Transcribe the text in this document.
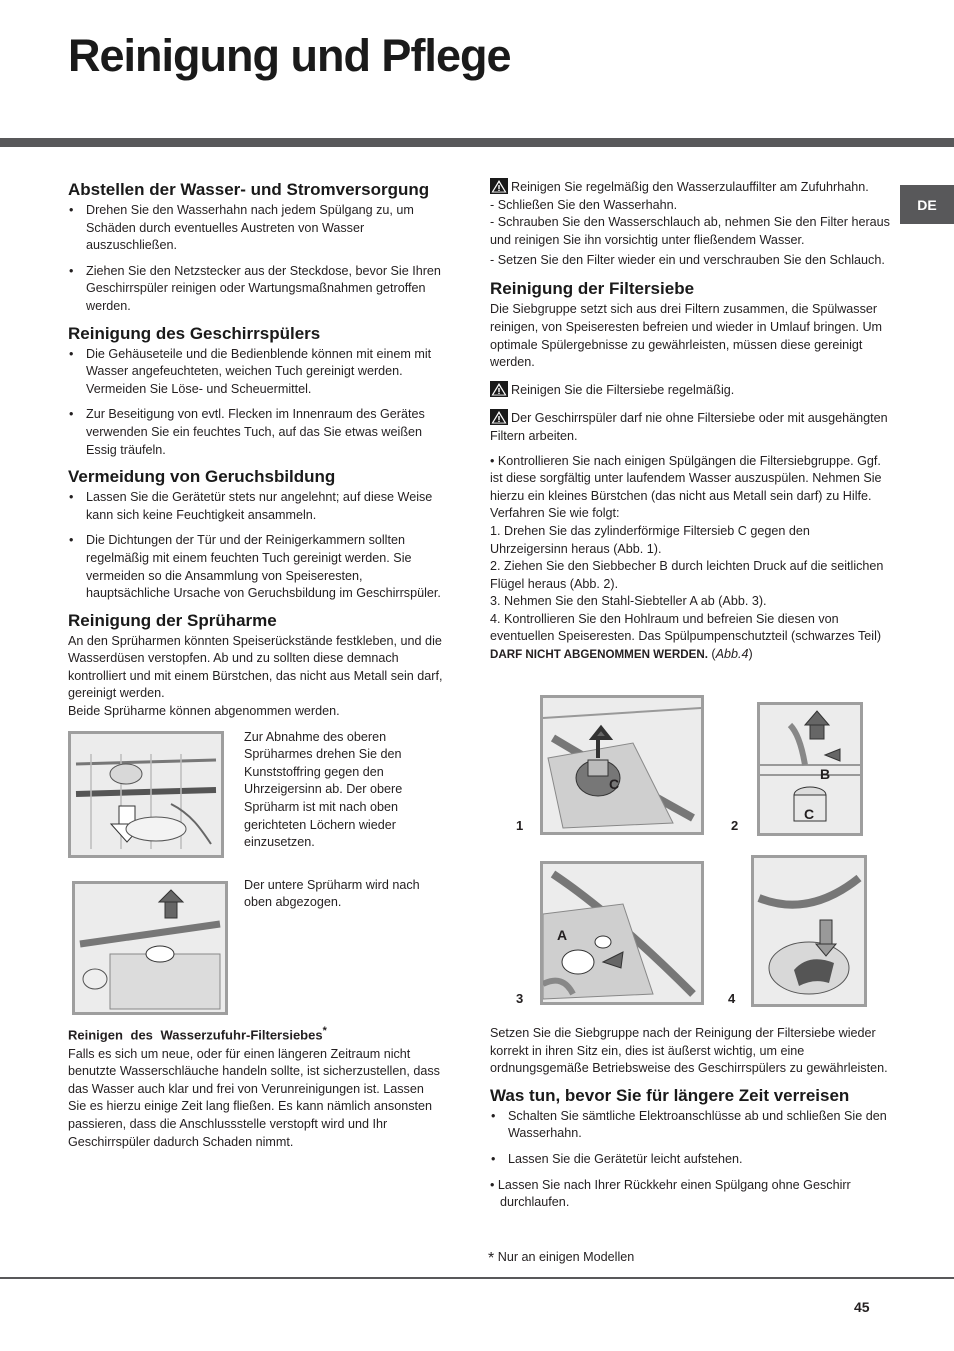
Reinigung und Pflege
DE
Abstellen der Wasser- und Stromversorgung
• Drehen Sie den Wasserhahn nach jedem Spülgang zu, um Schäden durch eventuelles Austreten von Wasser auszuschließen.
• Ziehen Sie den Netzstecker aus der Steckdose, bevor Sie Ihren Geschirrspüler reinigen oder Wartungsmaßnahmen getroffen werden.
Reinigung des Geschirrspülers
• Die Gehäuseteile und die Bedienblende können mit einem mit Wasser angefeuchteten, weichen Tuch gereinigt werden. Vermeiden Sie Löse- und Scheuermittel.
• Zur Beseitigung von evtl. Flecken im Innenraum des Gerätes verwenden Sie ein feuchtes Tuch, auf das Sie etwas weißen Essig träufeln.
Vermeidung von Geruchsbildung
• Lassen Sie die Gerätetür stets nur angelehnt; auf diese Weise kann sich keine Feuchtigkeit ansammeln.
• Die Dichtungen der Tür und der Reinigerkammern sollten regelmäßig mit einem feuchten Tuch gereinigt werden. Sie vermeiden so die Ansammlung von Speiseresten, hauptsächliche Ursache von Geruchsbildung im Geschirrspüler.
Reinigung der Sprüharme

An den Sprüharmen könnten Speiserückstände festkleben, und die Wasserdüsen verstopfen. Ab und zu sollten diese demnach kontrolliert und mit einem Bürstchen, das nicht aus Metall sein darf, gereinigt werden.

Beide Sprüharme können abgenommen werden.

Zur Abnahme des oberen Sprüharmes drehen Sie den Kunststoffring gegen den Uhrzeigersinn ab. Der obere Sprüharm ist mit nach oben gerichteten Löchern wieder einzusetzen.

Der untere Sprüharm wird nach oben abgezogen.

Reinigen des Wasserzufuhr-Filtersiebes*

Falls es sich um neue, oder für einen längeren Zeitraum nicht benutzte Wasserschläuche handeln sollte, ist sicherzustellen, dass das Wasser auch klar und frei von Verunreinigungen ist. Lassen Sie es hierzu einige Zeit lang fließen. Es kann nämlich ansonsten passieren, dass die Anschlussstelle verstopft wird und Ihr Geschirrspüler dadurch Schaden nimmt.

Reinigen Sie regelmäßig den Wasserzulauffilter am Zufuhrhahn.

- Schließen Sie den Wasserhahn.

- Schrauben Sie den Wasserschlauch ab, nehmen Sie den Filter heraus und reinigen Sie ihn vorsichtig unter fließendem Wasser.

- Setzen Sie den Filter wieder ein und verschrauben Sie den Schlauch.

Reinigung der Filtersiebe

Die Siebgruppe setzt sich aus drei Filtern zusammen, die Spülwasser reinigen, von Speiseresten befreien und wieder in Umlauf bringen. Um optimale Spülergebnisse zu gewährleisten, müssen diese gereinigt werden.

Reinigen Sie die Filtersiebe regelmäßig.

Der Geschirrspüler darf nie ohne Filtersiebe oder mit ausgehängten Filtern arbeiten.

• Kontrollieren Sie nach einigen Spülgängen die Filtersiebgruppe. Ggf. ist diese sorgfältig unter laufendem Wasser auszuspülen. Nehmen Sie hierzu ein kleines Bürstchen (das nicht aus Metall sein darf) zu Hilfe. Verfahren Sie wie folgt:

1. Drehen Sie das zylinderförmige Filtersieb C gegen den Uhrzeigersinn heraus (Abb. 1).

2. Ziehen Sie den Siebbecher B durch leichten Druck auf die seitlichen Flügel heraus (Abb. 2).

3. Nehmen Sie den Stahl-Siebteller A ab (Abb. 3).

4. Kontrollieren Sie den Hohlraum und befreien Sie diesen von eventuellen Speiseresten. Das Spülpumpenschutzteil (schwarzes Teil) DARF NICHT ABGENOMMEN WERDEN. (Abb.4)

C
B
C
A
1	2
3	4

Setzen Sie die Siebgruppe nach der Reinigung der Filtersiebe wieder korrekt in ihren Sitz ein, dies ist äußerst wichtig, um eine ordnungsgemäße Betriebsweise des Geschirrspülers zu gewährleisten.

Was tun, bevor Sie für längere Zeit verreisen
• Schalten Sie sämtliche Elektroanschlüsse ab und schließen Sie den Wasserhahn.
• Lassen Sie die Gerätetür leicht aufstehen.

• Lassen Sie nach Ihrer Rückkehr einen Spülgang ohne Geschirr durchlaufen.

* Nur an einigen Modellen
45
